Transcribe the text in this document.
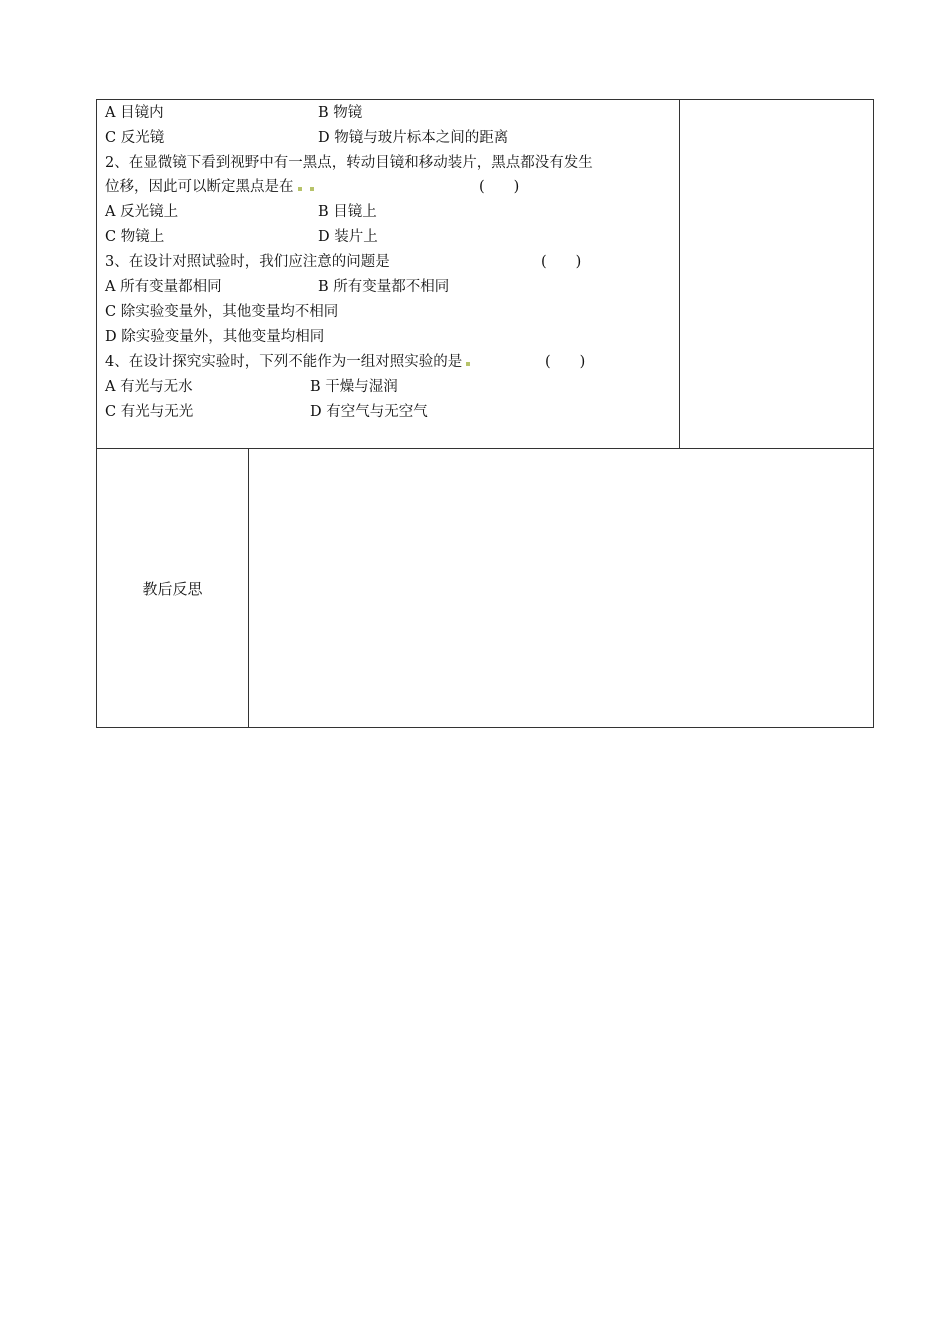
A 目镜内	B 物镜
C 反光镜	D 物镜与玻片标本之间的距离
2、在显微镜下看到视野中有一黑点，转动目镜和移动装片，黑点都没有发生
位移，因此可以断定黑点是在	(　　)
A 反光镜上	B 目镜上
C 物镜上	D 装片上
3、在设计对照试验时，我们应注意的问题是	(　　)
A 所有变量都相同	B 所有变量都不相同
C 除实验变量外，其他变量均不相同
D 除实验变量外，其他变量均相同
4、在设计探究实验时，下列不能作为一组对照实验的是	(　　)
A 有光与无水	B 干燥与湿润
C 有光与无光	D 有空气与无空气
教后反思
